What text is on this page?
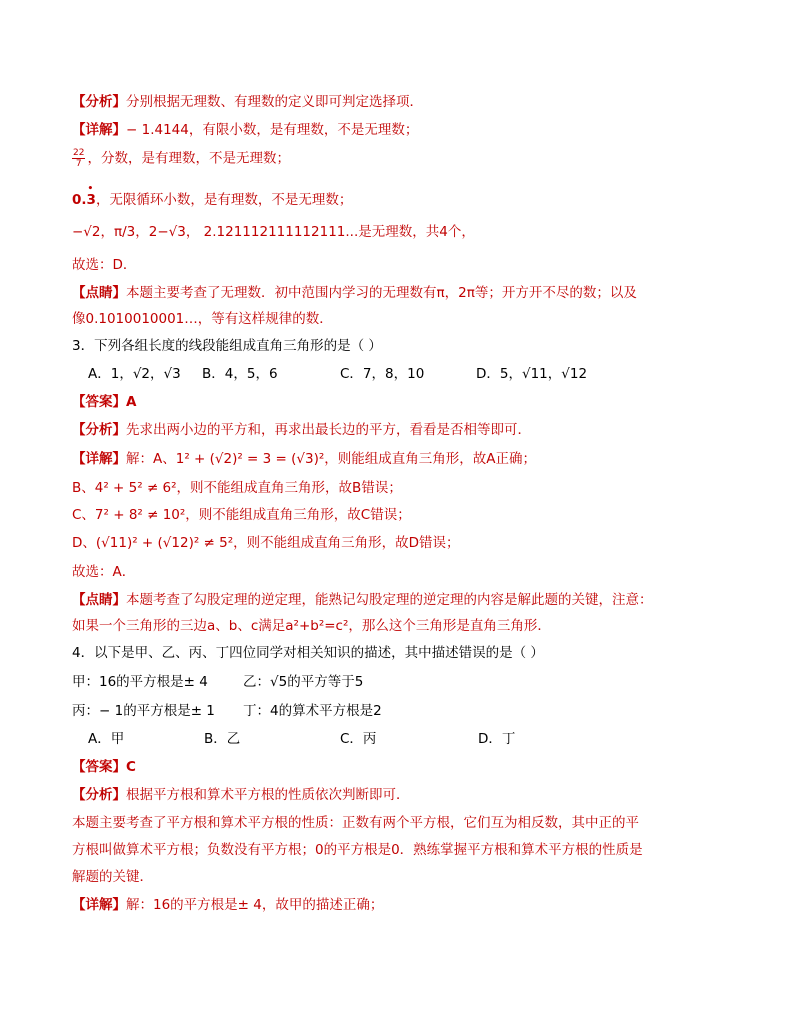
【分析】分别根据无理数、有理数的定义即可判定选择项．
【详解】− 1.4144，有限小数，是有理数，不是无理数；
$\frac{22}{7}$ ，分数，是有理数，不是无理数；
0.• 3，无限循环小数，是有理数，不是无理数；
−√2，π/3，2−√3， 2.121112111112111...是无理数，共4个，
故选：D．
【点睛】本题主要考查了无理数．初中范围内学习的无理数有π，2π等；开方开不尽的数；以及
像0.1010010001…，等有这样规律的数．
3．下列各组长度的线段能组成直角三角形的是（ ）
A．1，√2，√3 B．4，5，6	C．7，8，10	D．5，√11，√12
【答案】A
【分析】先求出两小边的平方和，再求出最长边的平方，看看是否相等即可．
【详解】解：A、1² + (√2)² = 3 = (√3)²，则能组成直角三角形，故A正确；
B、4² + 5² ≠ 6²，则不能组成直角三角形，故B错误；
C、7² + 8² ≠ 10²，则不能组成直角三角形，故C错误；
D、(√11)² + (√12)² ≠ 5²，则不能组成直角三角形，故D错误；
故选：A．
【点睛】本题考查了勾股定理的逆定理，能熟记勾股定理的逆定理的内容是解此题的关键，注意：
如果一个三角形的三边a、b、c满足a²+b²=c²，那么这个三角形是直角三角形．
4．以下是甲、乙、丙、丁四位同学对相关知识的描述，其中描述错误的是（ ）
甲：16的平方根是± 4	乙：√5的平方等于5
丙：− 1的平方根是± 1 丁：4的算术平方根是2
A．甲	B．乙	C．丙	D．丁
【答案】C
【分析】根据平方根和算术平方根的性质依次判断即可．
本题主要考查了平方根和算术平方根的性质：正数有两个平方根，它们互为相反数，其中正的平
方根叫做算术平方根；负数没有平方根；0的平方根是0．熟练掌握平方根和算术平方根的性质是
解题的关键．
【详解】解：16的平方根是± 4，故甲的描述正确；
